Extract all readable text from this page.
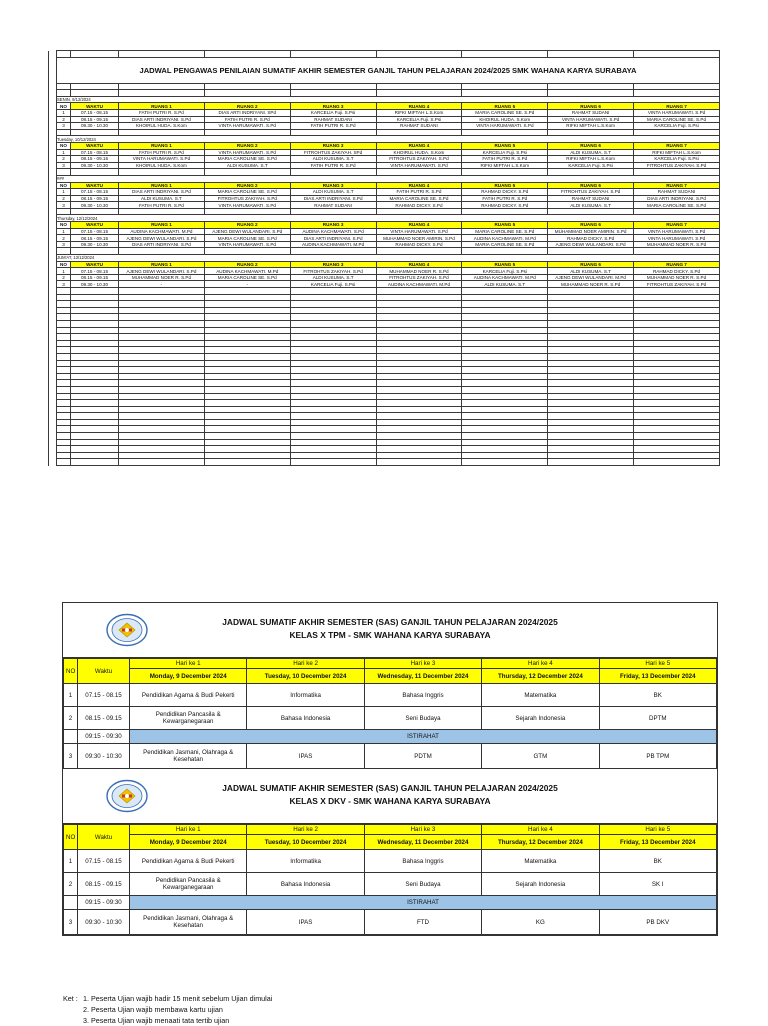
	JADWAL PENGAWAS PENILAIAN SUMATIF AKHIR SEMESTER GANJIL TAHUN PELAJARAN 2024/2025 SMK WAHANA KARYA SURABAYA								

	SENIN, 9/12/2024								
	NO	WAKTU	RUANG 1	RUANG 2	RUANG 3	RUANG 4	RUANG 5	RUANG 6	RUANG 7
	1	07.15 - 08.15	FATIH PUTRI R. S.Pd	DIAS ARTI INDRIYANI. SPd	KARCELIA Fuji. S.Psi	RIFKI MIFTAH L.S.Kom	MARIA CAROLINE SE. S.Pd	RAHMAT SUDANI	VINTA HARUMAWATI. S.Pd
	2	08.15 - 09.15	DIAS ARTI INDRIYANI. S.Pd	FATIH PUTRI R. S.Pd	RAHMAT SUDANI	KARCELIA Fuji. S.Psi	KHOIRUL HUDA. S.Kom	VINTA HARUMAWATI. S.Pd	MARIA CAROLINE SE. S.Pd
	3	09.30 - 10.30	KHOIRUL HUDA. S.Kom	VINTA HARUMAWATI. S.Pd	FATIH PUTRI R. S.Pd	RAHMAT SUDANI	VINTA HARUMAWATI. S.Pd	RIFKI MIFTAH L.S.Kom	KARCELIA Fuji. S.Psi

	Tuesday, 10/12/2024								
	NO	WAKTU	RUANG 1	RUANG 2	RUANG 3	RUANG 4	RUANG 5	RUANG 6	RUANG 7
	1	07.15 - 08.15	FATIH PUTRI R. S.Pd	VINTA HARUMAWATI. S.Pd	FITROHTUS ZAKIYAH. SPd	KHOIRUL HUDA. S.Kom	KARCELIA Fuji. S.Psi	ALDI KUSUMA. S.T	RIFKI MIFTAH L.S.Kom
	2	08.15 - 09.15	VINTA HARUMAWATI. S.Pd	MARIA CAROLINE SE. S.Pd	ALDI KUSUMA. S.T	FITROHTUS ZAKIYAH. S.Pd	FATIH PUTRI R. S.Pd	RIFKI MIFTAH L.S.Kom	KARCELIA Fuji. S.Psi
	3	09.30 - 10.30	KHOIRUL HUDA. S.Kom	ALDI KUSUMA. S.T	FATIH PUTRI R. S.Pd	VINTA HARUMAWATI. S.Pd	RIFKI MIFTAH L.S.Kom	KARCELIA Fuji. S.Psi	FITROHTUS ZAKIYAH. S.Pd

	###								
	NO	WAKTU	RUANG 1	RUANG 2	RUANG 3	RUANG 4	RUANG 5	RUANG 6	RUANG 7
	1	07.15 - 08.15	DIAS ARTI INDRIYANI. S.Pd	MARIA CAROLINE SE. S.Pd	ALDI KUSUMA. S.T	FATIH PUTRI R. S.Pd	RAHMAD DICKY. S.Pd	FITROHTUS ZAKIYAH. S.Pd	RAHMAT SUDANI
	2	08.15 - 09.15	ALDI KUSUMA. S.T	FITROHTUS ZAKIYAH. S.Pd	DIAS ARTI INDRIYANI. S.Pd	MARIA CAROLINE SE. S.Pd	FATIH PUTRI R. S.Pd	RAHMAT SUDANI	DIAS ARTI INDRIYANI. S.Pd
	3	09.30 - 10.30	FATIH PUTRI R. S.Pd	VINTA HARUMAWATI. S.Pd	RAHMAT SUDANI	RAHMAD DICKY. S.Pd	RAHMAD DICKY. S.Pd	ALDI KUSUMA. S.T	MARIA CAROLINE SE. S.Pd

	Thursday, 12/12/2024								
	NO	WAKTU	RUANG 1	RUANG 2	RUANG 3	RUANG 4	RUANG 5	RUANG 6	RUANG 7
	1	07.15 - 08.15	AUDINA KACHMAWATI. M.Pd	AJENG DEWI WULANDARI. S.Pd	AUDINA KACHMAWATI. S.Pd	VINTA HARUMAWATI. S.Pd	MARIA CAROLINE SE. S.Pd	MUHAMMAD NOER AMIRIN. S.Pd	VINTA HARUMAWATI. S.Pd
	2	08.15 - 09.15	AJENG DEWI WULANDARI. S.Pd	MARIA CAROLINE SE. S.Pd	DIAS ARTI INDRIYANI. S.Pd	MUHAMMAD NOER AMIRIN. S.Pd	AUDINA KACHMAWATI. M.Pd	RAHMAD DICKY. S.Pd	VINTA HARUMAWATI. S.Pd
	3	09.30 - 10.30	DIAS ARTI INDRIYANI. S.Pd	VINTA HARUMAWATI. S.Pd	AUDINA KACHMAWATI. M.Pd	RAHMAD DICKY. S.Pd	MARIA CAROLINE SE. S.Pd	AJENG DEWI WULANDARI. S.Pd	MUHAMMAD NOER R. S.Pd

	JUM'AT, 13/12/2024								
	NO	WAKTU	RUANG 1	RUANG 2	RUANG 3	RUANG 4	RUANG 5	RUANG 6	RUANG 7
	1	07.15 - 08.15	AJENG DEWI WULANDARI. S.Pd	AUDINA KACHMAWATI. M.Pd	FITROHTUS ZAKIYAH. S.Pd	MUHAMMAD NOER R. S.Pd	KARCELIA Fuji. S.Psi	ALDI KUSUMA. S.T	RAHMAD DICKY. S.Pd
	2	08.15 - 09.15	MUHAMMAD NOER R. S.Pd	MARIA CAROLINE SE. S.Pd	ALDI KUSUMA. S.T	FITROHTUS ZAKIYAH. S.Pd	AUDINA KACHMAWATI. M.Pd	AJENG DEWI WULANDARI. M.Pd	MUHAMMAD NOER R. S.Pd
	3	09.30 - 10.30	-	-	KARCELIA Fuji. S.Psi	AUDINA KACHMAWATI. M.Pd	ALDI KUSUMA. S.T	MUHAMMAD NOER R. S.Pd	FITROHTUS ZAKIYAH. S.Pd

JADWAL SUMATIF AKHIR SEMESTER (SAS) GANJIL TAHUN PELAJARAN 2024/2025
KELAS X TPM - SMK WAHANA KARYA SURABAYA
NO	Waktu	Hari ke 1	Hari ke 2	Hari ke 3	Hari ke 4	Hari ke 5
		Monday, 9 December 2024	Tuesday, 10 December 2024	Wednesday, 11 December 2024	Thursday, 12 December 2024	Friday, 13 December 2024
1	07.15 - 08.15	Pendidikan Agama & Budi Pekerti	Informatika	Bahasa Inggris	Matematika	BK
2	08.15 - 09.15	Pendidikan Pancasila & Kewarganegaraan	Bahasa Indonesia	Seni Budaya	Sejarah Indonesia	DPTM
	09:15 - 09:30	ISTIRAHAT				
3	09:30 - 10:30	Pendidikan Jasmani, Olahraga & Kesehatan	IPAS	PDTM	GTM	PB TPM
JADWAL SUMATIF AKHIR SEMESTER (SAS) GANJIL TAHUN PELAJARAN 2024/2025
KELAS X DKV - SMK WAHANA KARYA SURABAYA
NO	Waktu	Hari ke 1	Hari ke 2	Hari ke 3	Hari ke 4	Hari ke 5
		Monday, 9 December 2024	Tuesday, 10 December 2024	Wednesday, 11 December 2024	Thursday, 12 December 2024	Friday, 13 December 2024
1	07.15 - 08.15	Pendidikan Agama & Budi Pekerti	Informatika	Bahasa Inggris	Matematika	BK
2	08.15 - 09.15	Pendidikan Pancasila & Kewarganegaraan	Bahasa Indonesia	Seni Budaya	Sejarah Indonesia	SK I
	09:15 - 09:30	ISTIRAHAT				
3	09:30 - 10:30	Pendidikan Jasmani, Olahraga & Kesehatan	IPAS	FTD	KG	PB DKV
Ket : 1. Peserta Ujian wajib hadir 15 menit sebelum Ujian dimulai
2. Peserta Ujian wajib membawa kartu ujian
3. Peserta Ujian wajib menaati tata tertib ujian
